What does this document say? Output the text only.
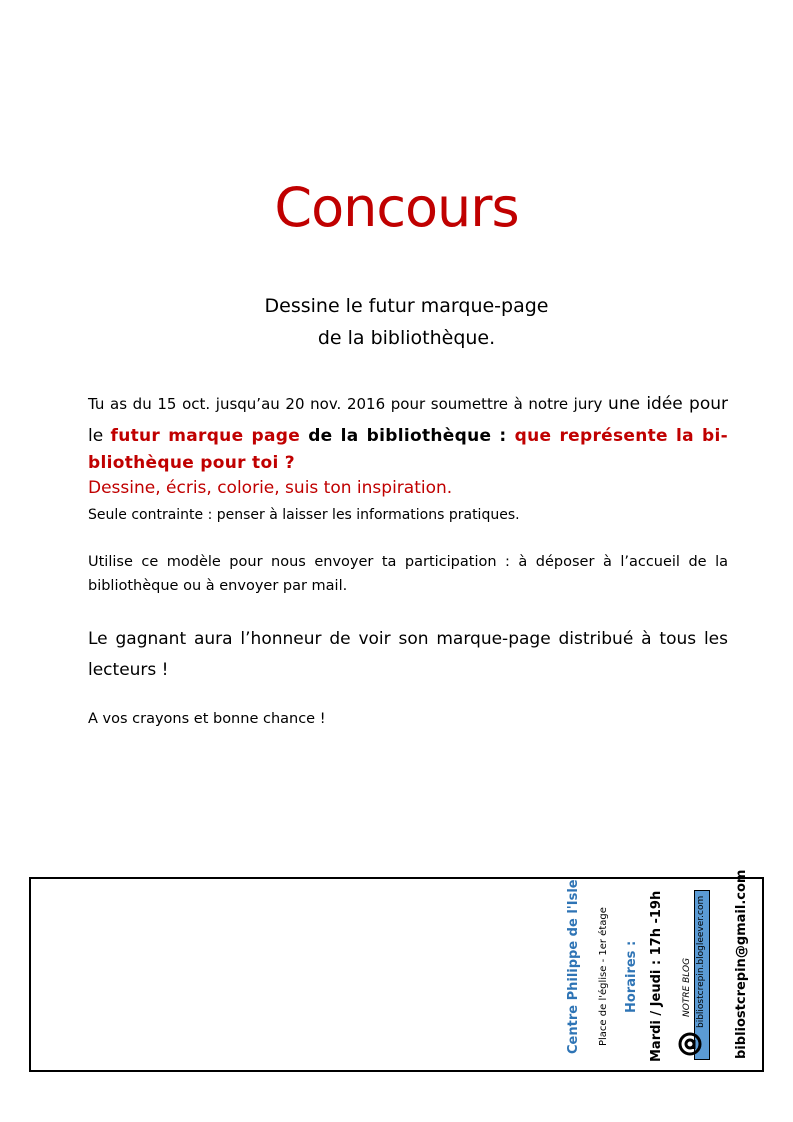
Concours
Dessine le futur marque-page
de la bibliothèque.
Tu as du 15 oct. jusqu’au 20 nov. 2016 pour soumettre à notre jury une idée pour le futur marque page de la bibliothèque : que représente la bi-
bliothèque pour toi ?
Dessine, écris, colorie, suis ton inspiration.
Seule contrainte : penser à laisser les informations pratiques.
Utilise ce modèle pour nous envoyer ta participation : à déposer à l’accueil de la bibliothèque ou à envoyer par mail.
Le gagnant aura l’honneur de voir son marque-page distribué à tous les lecteurs !
A vos crayons et bonne chance !
Centre Philippe de l'Isle Place de l'église - 1er étage Horaires : Mardi / Jeudi : 17h -19h NOTRE BLOG bibliostcrepin.blogleever.com bibliostcrepin@gmail.com
